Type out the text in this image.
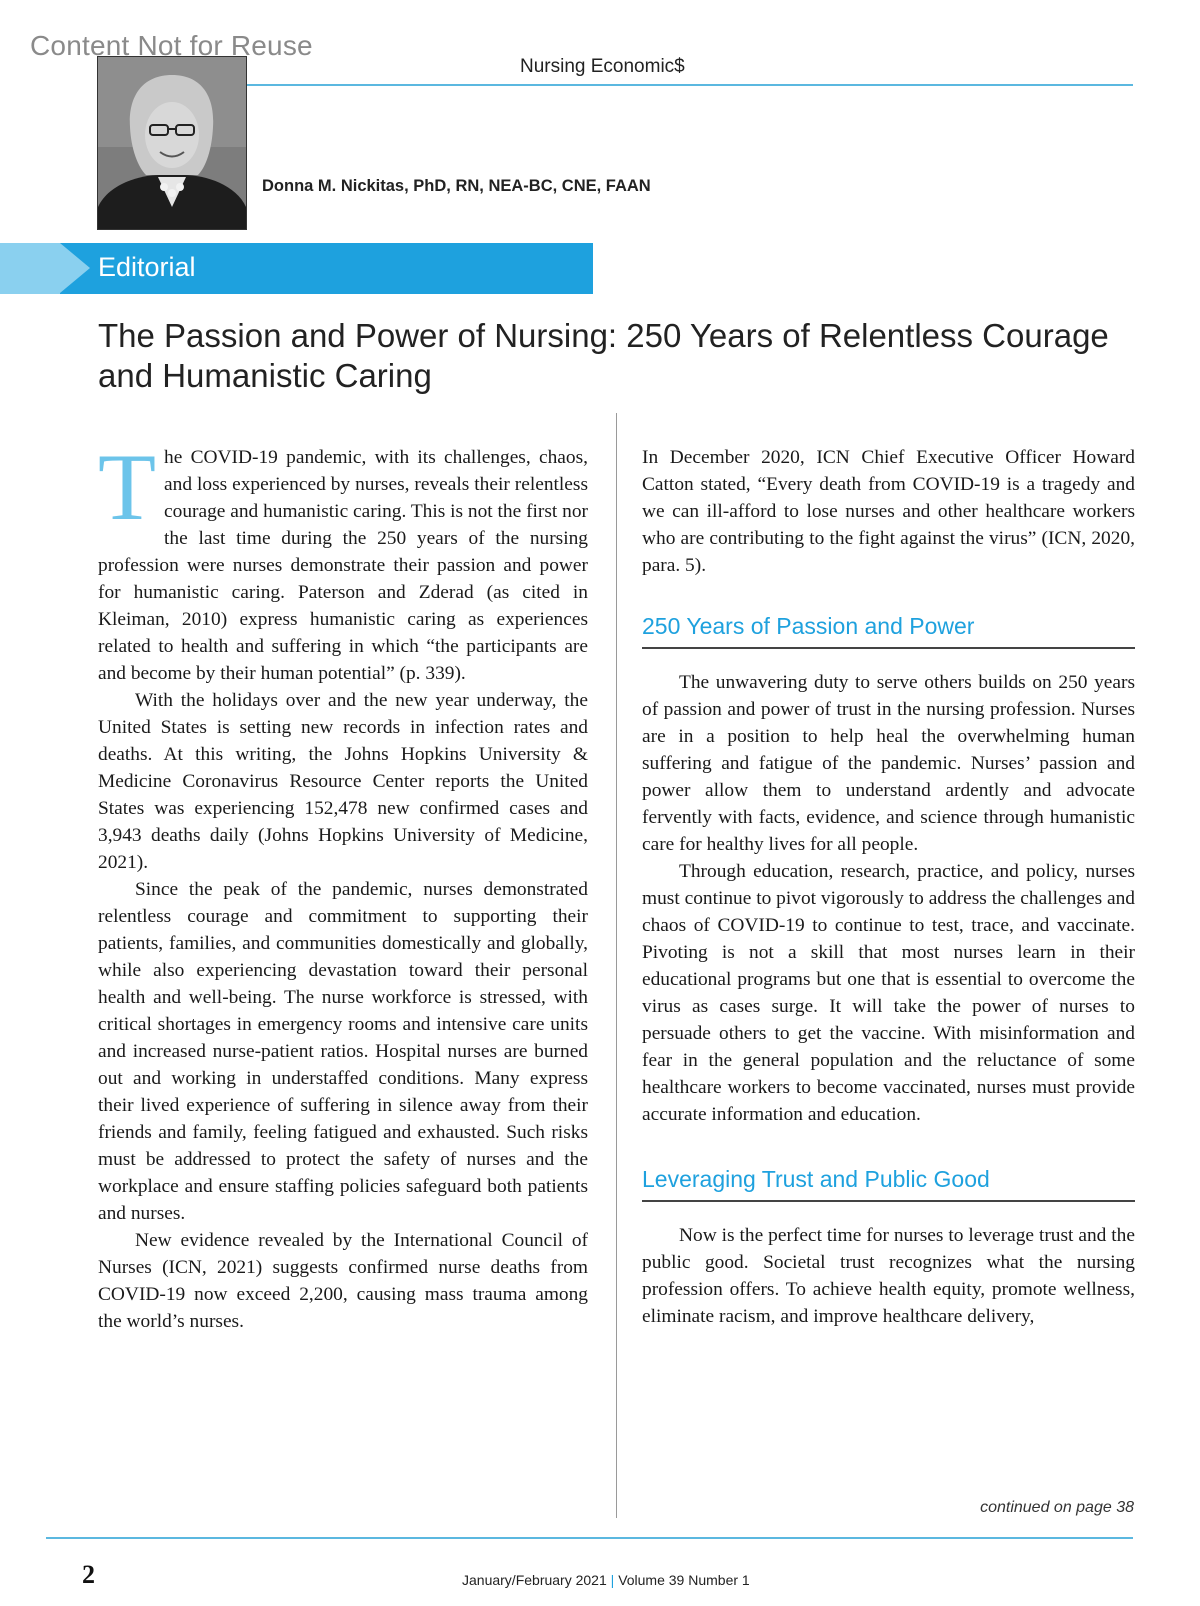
Content Not for Reuse
Nursing Economic$
Donna M. Nickitas, PhD, RN, NEA-BC, CNE, FAAN
Editorial
The Passion and Power of Nursing: 250 Years of Relentless Courage and Humanistic Caring

The COVID-19 pandemic, with its challenges, chaos, and loss experienced by nurses, reveals their relentless courage and humanistic caring. This is not the first nor the last time during the 250 years of the nursing profession were nurses demonstrate their passion and power for humanistic caring. Paterson and Zderad (as cited in Kleiman, 2010) express humanistic caring as experiences related to health and suffering in which “the participants are and become by their human potential” (p. 339).

With the holidays over and the new year underway, the United States is setting new records in infection rates and deaths. At this writing, the Johns Hopkins University & Medicine Coronavirus Resource Center reports the United States was experiencing 152,478 new confirmed cases and 3,943 deaths daily (Johns Hopkins University of Medicine, 2021).

Since the peak of the pandemic, nurses demonstrated relentless courage and commitment to supporting their patients, families, and communities domestically and globally, while also experiencing devastation toward their personal health and well-being. The nurse workforce is stressed, with critical shortages in emergency rooms and intensive care units and increased nurse-patient ratios. Hospital nurses are burned out and working in understaffed conditions. Many express their lived experience of suffering in silence away from their friends and family, feeling fatigued and exhausted. Such risks must be addressed to protect the safety of nurses and the workplace and ensure staffing policies safeguard both patients and nurses.

New evidence revealed by the International Council of Nurses (ICN, 2021) suggests confirmed nurse deaths from COVID-19 now exceed 2,200, causing mass trauma among the world’s nurses.

In December 2020, ICN Chief Executive Officer Howard Catton stated, “Every death from COVID-19 is a tragedy and we can ill-afford to lose nurses and other healthcare workers who are contributing to the fight against the virus” (ICN, 2020, para. 5).

250 Years of Passion and Power

The unwavering duty to serve others builds on 250 years of passion and power of trust in the nursing profession. Nurses are in a position to help heal the overwhelming human suffering and fatigue of the pandemic. Nurses’ passion and power allow them to understand ardently and advocate fervently with facts, evidence, and science through humanistic care for healthy lives for all people.

Through education, research, practice, and policy, nurses must continue to pivot vigorously to address the challenges and chaos of COVID-19 to continue to test, trace, and vaccinate. Pivoting is not a skill that most nurses learn in their educational programs but one that is essential to overcome the virus as cases surge. It will take the power of nurses to persuade others to get the vaccine. With misinformation and fear in the general population and the reluctance of some healthcare workers to become vaccinated, nurses must provide accurate information and education.

Leveraging Trust and Public Good

Now is the perfect time for nurses to leverage trust and the public good. Societal trust recognizes what the nursing profession offers. To achieve health equity, promote wellness, eliminate racism, and improve healthcare delivery,

continued on page 38
2	January/February 2021 | Volume 39 Number 1
